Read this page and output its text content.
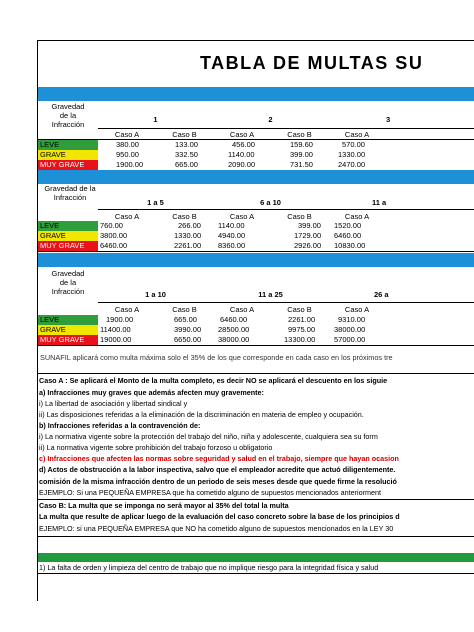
TABLA DE MULTAS SU
Gravedad
de la
Infracción
1	2	3
Caso A	Caso B	Caso A	Caso B	Caso A
LEVE	380.00	133.00	456.00	159.60	570.00
GRAVE	950.00	332.50	1140.00	399.00	1330.00
MUY GRAVE	1900.00	665.00	2090.00	731.50	2470.00
Gravedad de la
Infracción
1 a 5	6 a 10	11 a
Caso A	Caso B	Caso A	Caso B	Caso A
LEVE	760.00	266.00 1140.00	399.00 1520.00
GRAVE	3800.00	1330.00 4940.00	1729.00 6460.00
MUY GRAVE	6460.00	2261.00 8360.00	2926.00 10830.00
Gravedad
de la
Infracción	1 a 10	11 a 25	26 a
Caso A	Caso B	Caso A	Caso B	Caso A
LEVE	1900.00	665.00	6460.00	2261.00	9310.00
GRAVE	11400.00	3990.00 28500.00	9975.00	38000.00
MUY GRAVE	19000.00	6650.00 38000.00	13300.00 57000.00
SUNAFIL aplicará como multa máxima solo el 35% de los que corresponde en cada caso en los próximos tre
Caso A : Se aplicará el Monto de la multa completo, es decir NO se aplicará el descuento en los siguie
a) Infracciones muy graves que además afecten muy gravemente:
i) La libertad de asociación y libertad sindical y
ii) Las disposiciones referidas a la eliminación de la discriminación en materia de empleo y ocupación.
b) Infracciones referidas a la contravención de:
i) La normativa vigente sobre la protección del trabajo del niño, niña y adolescente, cualquiera sea su form
ii) La normativa vigente sobre prohibición del trabajo forzoso u obligatorio
c) Infracciones que afecten las normas sobre seguridad y salud en el trabajo, siempre que hayan ocasion
d) Actos de obstrucción a la labor inspectiva, salvo que el empleador acredite que actuó diligentemente.
comisión de la misma infracción dentro de un periodo de seis meses desde que quede firme la resolució
EJEMPLO: Si una PEQUEÑA EMPRESA que ha cometido alguno de supuestos mencionados anteriorment
Caso B: La multa que se imponga no será mayor al 35% del total la multa
La multa que resulte de aplicar luego de la evaluación del caso concreto sobre la base de los principios d
EJEMPLO: si una PEQUEÑA EMPRESA que NO ha cometido alguno de supuestos mencionados en la LEY 30
1) La falta de orden y limpieza del centro de trabajo que no implique riesgo para la integridad física y salud
